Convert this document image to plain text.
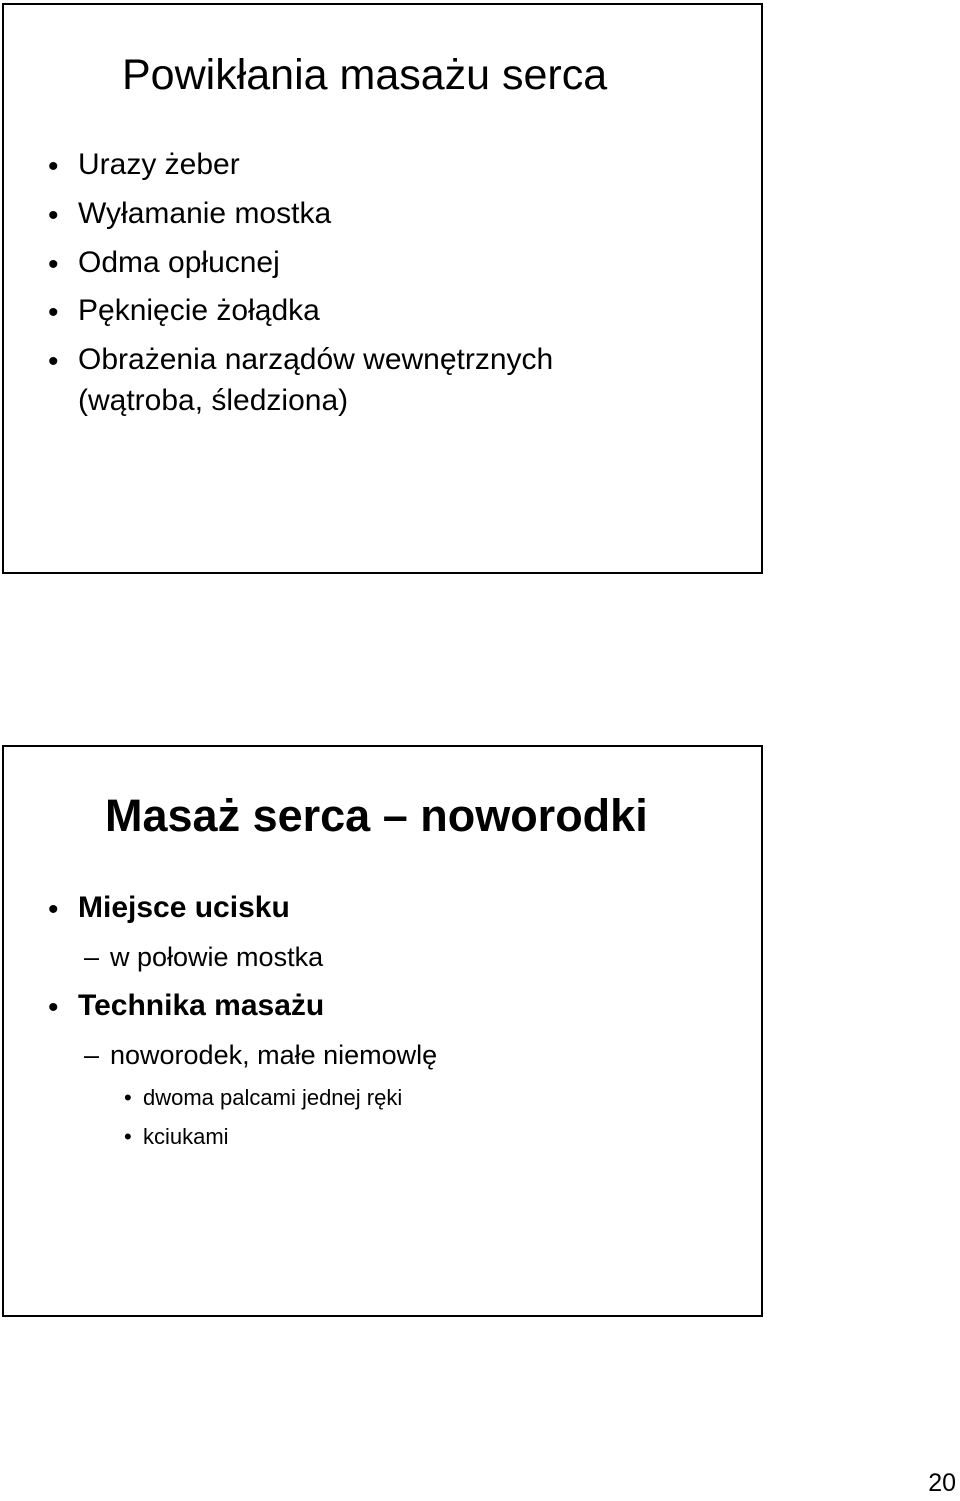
Powikłania masażu serca
• Urazy żeber
• Wyłamanie mostka
• Odma opłucnej
• Pęknięcie żołądka
• Obrażenia narządów wewnętrznych
(wątroba, śledziona)
Masaż serca – noworodki
• Miejsce ucisku
– w połowie mostka
• Technika masażu
– noworodek, małe niemowlę
• dwoma palcami jednej ręki
• kciukami
20
